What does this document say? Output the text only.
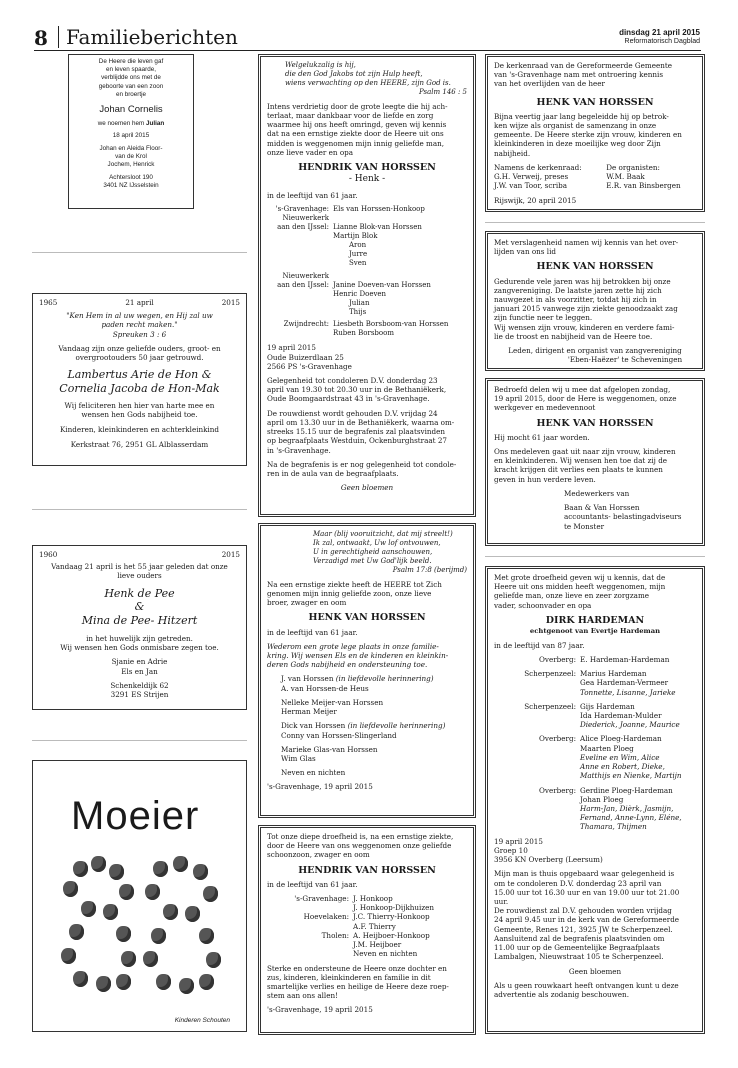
8 Familieberichten	dinsdag 21 april 2015
Reformatorisch Dagblad
De Heere die leven gaf
en leven spaarde,
verblijdde ons met de
geboorte van een zoon
en broertje
Johan Cornelis
we noemen hem Julian
18 april 2015
Johan en Aleida Floor-
van de Krol
Jochem, Henrick
Achtersloot 190
3401 NZ IJsselstein
1965	21 april	2015
"Ken Hem in al uw wegen, en Hij zal uw
paden recht maken."
Spreuken 3 : 6
Vandaag zijn onze geliefde ouders, groot- en
overgrootouders 50 jaar getrouwd.
Lambertus Arie de Hon &
Cornelia Jacoba de Hon-Mak
Wij feliciteren hen hier van harte mee en
wensen hen Gods nabijheid toe.
Kinderen, kleinkinderen en achterkleinkind
Kerkstraat 76, 2951 GL Alblasserdam
1960	2015
Vandaag 21 april is het 55 jaar geleden dat onze
lieve ouders
Henk de Pee
&
Mina de Pee- Hitzert
in het huwelijk zijn getreden.
Wij wensen hen Gods onmisbare zegen toe.
Sjanie en Adrie
Els en Jan
Schenkeldijk 62
3291 ES Strijen
Moeier
Kinderen Schouten
Welgelukzalig is hij,
die den God Jakobs tot zijn Hulp heeft,
wiens verwachting op den HEERE, zijn God is.
Psalm 146 : 5
Intens verdrietig door de grote leegte die hij ach-
terlaat, maar dankbaar voor de liefde en zorg
waarmee hij ons heeft omringd, geven wij kennis
dat na een ernstige ziekte door de Heere uit ons
midden is weggenomen mijn innig geliefde man,
onze lieve vader en opa
HENDRIK VAN HORSSEN
- Henk -
in de leeftijd van 61 jaar.
's-Gravenhage: Els van Horssen-Honkoop
Nieuwerkerk
aan den IJssel: Lianne Blok-van Horssen
Martijn Blok
Aron
Jurre
Sven
Nieuwerkerk
aan den IJssel: Janine Doeven-van Horssen
Henric Doeven
Julian
Thijs
Zwijndrecht: Liesbeth Borsboom-van Horssen
Ruben Borsboom
19 april 2015
Oude Buizerdlaan 25
2566 PS 's-Gravenhage
Gelegenheid tot condoleren D.V. donderdag 23
april van 19.30 tot 20.30 uur in de Bethaniëkerk,
Oude Boomgaardstraat 43 in 's-Gravenhage.
De rouwdienst wordt gehouden D.V. vrijdag 24
april om 13.30 uur in de Bethaniëkerk, waarna om-
streeks 15.15 uur de begrafenis zal plaatsvinden
op begraafplaats Westduin, Ockenburghstraat 27
in 's-Gravenhage.
Na de begrafenis is er nog gelegenheid tot condole-
ren in de aula van de begraafplaats.
Geen bloemen
Maar (blij vooruitzicht, dat mij streelt!)
Ik zal, ontwaakt, Uw lof ontvouwen,
U in gerechtigheid aanschouwen,
Verzadigd met Uw God'lijk beeld.
Psalm 17:8 (berijmd)
Na een ernstige ziekte heeft de HEERE tot Zich
genomen mijn innig geliefde zoon, onze lieve
broer, zwager en oom
HENK VAN HORSSEN
in de leeftijd van 61 jaar.
Wederom een grote lege plaats in onze familie-
kring. Wij wensen Els en de kinderen en kleinkin-
deren Gods nabijheid en ondersteuning toe.
J. van Horssen (in liefdevolle herinnering)
A. van Horssen-de Heus
Nelleke Meijer-van Horssen
Herman Meijer
Dick van Horssen (in liefdevolle herinnering)
Conny van Horssen-Slingerland
Marieke Glas-van Horssen
Wim Glas
Neven en nichten
's-Gravenhage, 19 april 2015
Tot onze diepe droefheid is, na een ernstige ziekte,
door de Heere van ons weggenomen onze geliefde
schoonzoon, zwager en oom
HENDRIK VAN HORSSEN
in de leeftijd van 61 jaar.
's-Gravenhage: J. Honkoop
J. Honkoop-Dijkhuizen
Hoevelaken: J.C. Thierry-Honkoop
A.F. Thierry
Tholen: A. Heijboer-Honkoop
J.M. Heijboer
Neven en nichten
Sterke en ondersteune de Heere onze dochter en
zus, kinderen, kleinkinderen en familie in dit
smartelijke verlies en heilige de Heere deze roep-
stem aan ons allen!
's-Gravenhage, 19 april 2015
De kerkenraad van de Gereformeerde Gemeente
van 's-Gravenhage nam met ontroering kennis
van het overlijden van de heer
HENK VAN HORSSEN
Bijna veertig jaar lang begeleidde hij op betrok-
ken wijze als organist de samenzang in onze
gemeente. De Heere sterke zijn vrouw, kinderen en
kleinkinderen in deze moeilijke weg door Zijn
nabijheid.
Namens de kerkenraad:	De organisten:
G.H. Verweij, preses	W.M. Baak
J.W. van Toor, scriba	E.R. van Binsbergen
Rijswijk, 20 april 2015
Met verslagenheid namen wij kennis van het over-
lijden van ons lid
HENK VAN HORSSEN
Gedurende vele jaren was hij betrokken bij onze
zangvereniging. De laatste jaren zette hij zich
nauwgezet in als voorzitter, totdat hij zich in
januari 2015 vanwege zijn ziekte genoodzaakt zag
zijn functie neer te leggen.
Wij wensen zijn vrouw, kinderen en verdere fami-
lie de troost en nabijheid van de Heere toe.
Leden, dirigent en organist van zangvereniging
'Eben-Haëzer' te Scheveningen
Bedroefd delen wij u mee dat afgelopen zondag,
19 april 2015, door de Here is weggenomen, onze
werkgever en medevennoot
HENK VAN HORSSEN
Hij mocht 61 jaar worden.
Ons medeleven gaat uit naar zijn vrouw, kinderen
en kleinkinderen. Wij wensen hen toe dat zij de
kracht krijgen dit verlies een plaats te kunnen
geven in hun verdere leven.
Medewerkers van
Baan & Van Horssen
accountants- belastingadviseurs
te Monster
Met grote droefheid geven wij u kennis, dat de
Heere uit ons midden heeft weggenomen, mijn
geliefde man, onze lieve en zeer zorgzame
vader, schoonvader en opa
DIRK HARDEMAN
echtgenoot van Evertje Hardeman
in de leeftijd van 87 jaar.
Overberg: E. Hardeman-Hardeman
Scherpenzeel: Marius Hardeman
Gea Hardeman-Vermeer
Tonnette, Lisanne, Jarieke
Scherpenzeel: Gijs Hardeman
Ida Hardeman-Mulder
Diederick, Joanne, Maurice
Overberg: Alice Ploeg-Hardeman
Maarten Ploeg
Eveline en Wim, Alice
Anne en Robert, Dieke,
Matthijs en Nienke, Martijn
Overberg: Gerdine Ploeg-Hardeman
Johan Ploeg
Harm-Jan, Dièrk, Jasmijn,
Fernand, Anne-Lynn, Eléne,
Thamara, Thijmen
19 april 2015
Groep 10
3956 KN Overberg (Leersum)
Mijn man is thuis opgebaard waar gelegenheid is
om te condoleren D.V. donderdag 23 april van
15.00 uur tot 16.30 uur en van 19.00 uur tot 21.00
uur.
De rouwdienst zal D.V. gehouden worden vrijdag
24 april 9.45 uur in de kerk van de Gereformeerde
Gemeente, Renes 121, 3925 JW te Scherpenzeel.
Aansluitend zal de begrafenis plaatsvinden om
11.00 uur op de Gemeentelijke Begraafplaats
Lambalgen, Nieuwstraat 105 te Scherpenzeel.
Geen bloemen
Als u geen rouwkaart heeft ontvangen kunt u deze
advertentie als zodanig beschouwen.
